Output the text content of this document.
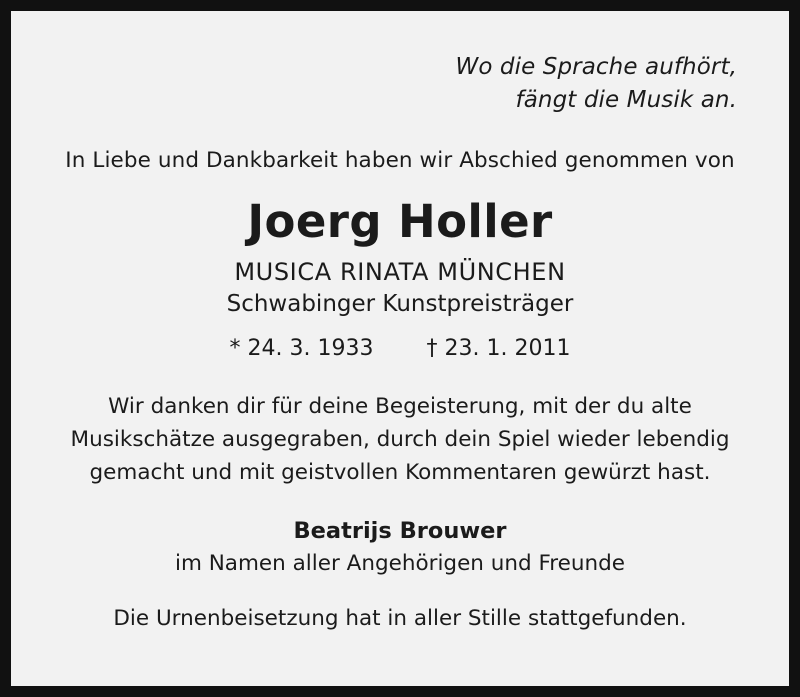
Wo die Sprache aufhört,
fängt die Musik an.
In Liebe und Dankbarkeit haben wir Abschied genommen von
Joerg Holler
MUSICA RINATA MÜNCHEN
Schwabinger Kunstpreisträger
* 24. 3. 1933 † 23. 1. 2011
Wir danken dir für deine Begeisterung, mit der du alte
Musikschätze ausgegraben, durch dein Spiel wieder lebendig
gemacht und mit geistvollen Kommentaren gewürzt hast.
Beatrijs Brouwer
im Namen aller Angehörigen und Freunde
Die Urnenbeisetzung hat in aller Stille stattgefunden.
